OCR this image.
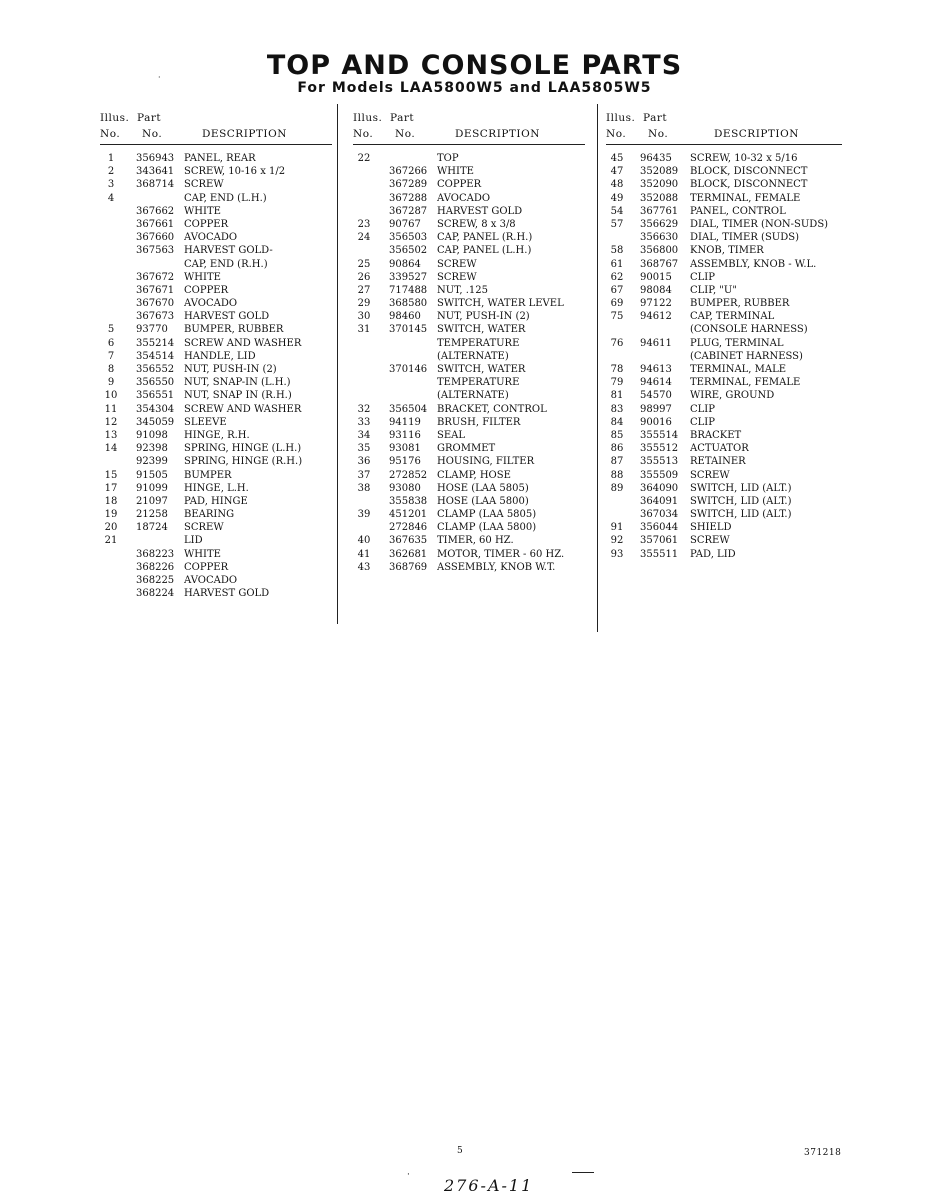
TOP AND CONSOLE PARTS
For Models LAA5800W5 and LAA5805W5
·
Illus.  Part
No. No.	DESCRIPTION
1	356943 PANEL, REAR
2	343641 SCREW, 10-16 x 1/2
3	368714 SCREW
4	CAP, END (L.H.)
367662 WHITE
367661 COPPER
367660 AVOCADO
367563 HARVEST GOLD-
CAP, END (R.H.)
367672 WHITE
367671 COPPER
367670 AVOCADO
367673 HARVEST GOLD
5	93770	BUMPER, RUBBER
6	355214 SCREW AND WASHER
7	354514 HANDLE, LID
8	356552 NUT, PUSH-IN (2)
9	356550 NUT, SNAP-IN (L.H.)
10	356551 NUT, SNAP IN (R.H.)
11	354304 SCREW AND WASHER
12	345059 SLEEVE
13	91098	HINGE, R.H.
14	92398	SPRING, HINGE (L.H.)
92399	SPRING, HINGE (R.H.)
15	91505	BUMPER
17	91099	HINGE, L.H.
18	21097	PAD, HINGE
19	21258	BEARING
20	18724	SCREW
21	LID
368223 WHITE
368226 COPPER
368225 AVOCADO
368224 HARVEST GOLD
Illus.  Part
No. No.	DESCRIPTION
22	TOP
367266 WHITE
367289 COPPER
367288 AVOCADO
367287 HARVEST GOLD
23	90767	SCREW, 8 x 3/8
24	356503 CAP, PANEL (R.H.)
356502 CAP, PANEL (L.H.)
25	90864	SCREW
26	339527 SCREW
27	717488 NUT, .125
29	368580 SWITCH, WATER LEVEL
30	98460	NUT, PUSH-IN (2)
31	370145 SWITCH, WATER
TEMPERATURE
(ALTERNATE)
370146 SWITCH, WATER
TEMPERATURE
(ALTERNATE)
32	356504 BRACKET, CONTROL
33	94119	BRUSH, FILTER
34	93116	SEAL
35	93081	GROMMET
36	95176	HOUSING, FILTER
37	272852 CLAMP, HOSE
38	93080	HOSE (LAA 5805)
355838 HOSE (LAA 5800)
39	451201 CLAMP (LAA 5805)
272846 CLAMP (LAA 5800)
40	367635 TIMER, 60 HZ.
41	362681 MOTOR, TIMER - 60 HZ.
43	368769 ASSEMBLY, KNOB W.T.
Illus.  Part
No. No.	DESCRIPTION
45	96435	SCREW, 10-32 x 5/16
47	352089	BLOCK, DISCONNECT
48	352090	BLOCK, DISCONNECT
49	352088	TERMINAL, FEMALE
54	367761	PANEL, CONTROL
57	356629	DIAL, TIMER (NON-SUDS)
356630	DIAL, TIMER (SUDS)
58	356800	KNOB, TIMER
61	368767	ASSEMBLY, KNOB - W.L.
62	90015	CLIP
67	98084	CLIP, "U"
69	97122	BUMPER, RUBBER
75	94612	CAP, TERMINAL
(CONSOLE HARNESS)
76	94611	PLUG, TERMINAL
(CABINET HARNESS)
78	94613	TERMINAL, MALE
79	94614	TERMINAL, FEMALE
81	54570	WIRE, GROUND
83	98997	CLIP
84	90016	CLIP
85	355514	BRACKET
86	355512	ACTUATOR
87	355513	RETAINER
88	355509	SCREW
89	364090	SWITCH, LID (ALT.)
364091	SWITCH, LID (ALT.)
367034	SWITCH, LID (ALT.)
91	356044	SHIELD
92	357061	SCREW
93	355511	PAD, LID
5	371218
·
276-A-11
